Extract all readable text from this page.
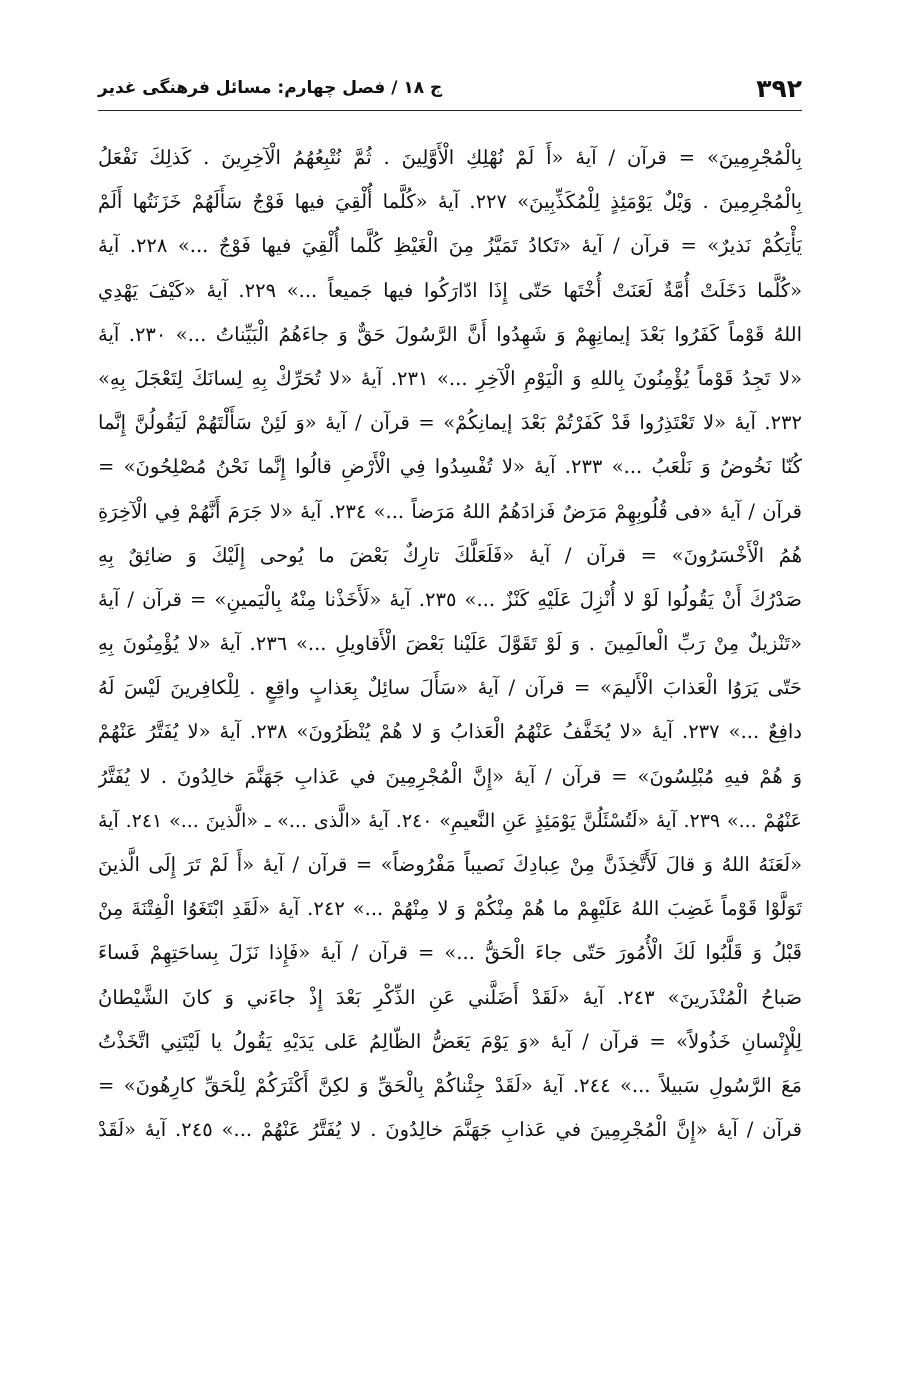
۳۹۲
ج ۱۸ / فصل چهارم: مسائل فرهنگی غدیر
بِالْمُجْرِمِينَ» = قرآن / آيهٔ «أَ لَمْ نُهْلِكِ الْأَوَّلِينَ . ثُمَّ نُتْبِعُهُمُ الْآخِرِينَ . كَذلِكَ نَفْعَلُ
بِالْمُجْرِمِينَ . وَيْلٌ يَوْمَئِذٍ لِلْمُكَذِّبِينَ» ٢٢٧. آيهٔ «كُلَّما أُلْقِيَ فيها فَوْجٌ سَأَلَهُمْ خَزَنَتُها أَلَمْ
يَأْتِكُمْ نَذيرٌ» = قرآن / آيهٔ «تَكادُ تَمَيَّزُ مِنَ الْغَيْظِ كُلَّما أُلْقِيَ فيها فَوْجٌ ...» ٢٢٨. آيهٔ
«كُلَّما دَخَلَتْ أُمَّةٌ لَعَنَتْ أُخْتَها حَتّى إِذَا ادّارَكُوا فيها جَميعاً ...» ٢٢٩. آيهٔ «كَيْفَ يَهْدِي
اللهُ قَوْماً كَفَرُوا بَعْدَ إيمانِهِمْ وَ شَهِدُوا أَنَّ الرَّسُولَ حَقٌّ وَ جاءَهُمُ الْبَيِّناتُ ...» ٢٣٠. آيهٔ
«لا تَجِدُ قَوْماً يُؤْمِنُونَ بِاللهِ وَ الْيَوْمِ الْآخِرِ ...» ٢٣١. آيهٔ «لا تُحَرِّكْ بِهِ لِسانَكَ لِتَعْجَلَ بِهِ»
٢٣٢. آيهٔ «لا تَعْتَذِرُوا قَدْ كَفَرْتُمْ بَعْدَ إيمانِكُمْ» = قرآن / آيهٔ «وَ لَئِنْ سَأَلْتَهُمْ لَيَقُولُنَّ إِنَّما
كُنّا نَخُوضُ وَ نَلْعَبُ ...» ٢٣٣. آيهٔ «لا تُفْسِدُوا فِي الْأَرْضِ قالُوا إِنَّما نَحْنُ مُصْلِحُونَ» =
قرآن / آيهٔ «فی قُلُوبِهِمْ مَرَضٌ فَزادَهُمُ اللهُ مَرَضاً ...» ٢٣٤. آيهٔ «لا جَرَمَ أَنَّهُمْ فِي الْآخِرَةِ
هُمُ الْأَخْسَرُونَ» = قرآن / آيهٔ «فَلَعَلَّكَ تارِكٌ بَعْضَ ما يُوحى إِلَيْكَ وَ ضائِقٌ بِهِ
صَدْرُكَ أَنْ يَقُولُوا لَوْ لا أُنْزِلَ عَلَيْهِ كَنْزٌ ...» ٢٣٥. آيهٔ «لَأَخَذْنا مِنْهُ بِالْيَمينِ» = قرآن / آيهٔ
«تَنْزيلٌ مِنْ رَبِّ الْعالَمِينَ . وَ لَوْ تَقَوَّلَ عَلَيْنا بَعْضَ الْأَقاويلِ ...» ٢٣٦. آيهٔ «لا يُؤْمِنُونَ بِهِ
حَتّى يَرَوُا الْعَذابَ الْأَليمَ» = قرآن / آيهٔ «سَأَلَ سائِلٌ بِعَذابٍ واقِعٍ . لِلْكافِرينَ لَيْسَ لَهُ
دافِعٌ ...» ٢٣٧. آيهٔ «لا يُخَفَّفُ عَنْهُمُ الْعَذابُ وَ لا هُمْ يُنْظَرُونَ» ٢٣٨. آيهٔ «لا يُفَتَّرُ عَنْهُمْ
وَ هُمْ فيهِ مُبْلِسُونَ» = قرآن / آيهٔ «إِنَّ الْمُجْرِمِينَ في عَذابِ جَهَنَّمَ خالِدُونَ . لا يُفَتَّرُ
عَنْهُمْ ...» ٢٣٩. آيهٔ «لَتُسْئَلُنَّ يَوْمَئِذٍ عَنِ النَّعيمِ» ٢٤٠. آيهٔ «الَّذی ...» ـ «الَّذينَ ...» ٢٤١. آيهٔ
«لَعَنَهُ اللهُ وَ قالَ لَأَتَّخِذَنَّ مِنْ عِبادِكَ نَصيباً مَفْرُوضاً» = قرآن / آيهٔ «أَ لَمْ تَرَ إِلَى الَّذينَ
تَوَلَّوْا قَوْماً غَضِبَ اللهُ عَلَيْهِمْ ما هُمْ مِنْكُمْ وَ لا مِنْهُمْ ...» ٢٤٢. آيهٔ «لَقَدِ ابْتَغَوُا الْفِتْنَةَ مِنْ
قَبْلُ وَ قَلَّبُوا لَكَ الْأُمُورَ حَتّى جاءَ الْحَقُّ ...» = قرآن / آيهٔ «فَإِذا نَزَلَ بِساحَتِهِمْ فَساءَ
صَباحُ الْمُنْذَرينَ» ٢٤٣. آيهٔ «لَقَدْ أَضَلَّني عَنِ الذِّكْرِ بَعْدَ إِذْ جاءَني وَ كانَ الشَّيْطانُ
لِلْإِنْسانِ خَذُولاً» = قرآن / آيهٔ «وَ يَوْمَ يَعَضُّ الظّالِمُ عَلى يَدَيْهِ يَقُولُ يا لَيْتَنِي اتَّخَذْتُ
مَعَ الرَّسُولِ سَبيلاً ...» ٢٤٤. آيهٔ «لَقَدْ جِئْناكُمْ بِالْحَقِّ وَ لكِنَّ أَكْثَرَكُمْ لِلْحَقِّ كارِهُونَ» =
قرآن / آيهٔ «إِنَّ الْمُجْرِمِينَ في عَذابِ جَهَنَّمَ خالِدُونَ . لا يُفَتَّرُ عَنْهُمْ ...» ٢٤٥. آيهٔ «لَقَدْ
